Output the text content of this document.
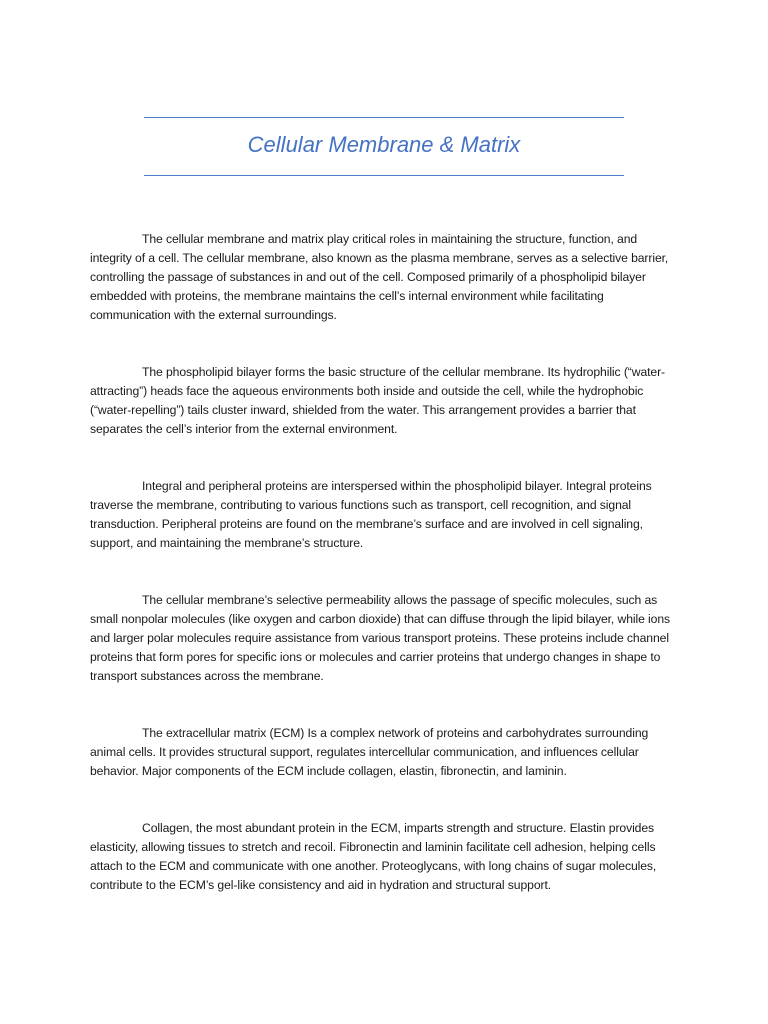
Cellular Membrane & Matrix

The cellular membrane and matrix play critical roles in maintaining the structure, function, and integrity of a cell. The cellular membrane, also known as the plasma membrane, serves as a selective barrier, controlling the passage of substances in and out of the cell. Composed primarily of a phospholipid bilayer embedded with proteins, the membrane maintains the cell’s internal environment while facilitating communication with the external surroundings.

The phospholipid bilayer forms the basic structure of the cellular membrane. Its hydrophilic (“water-attracting”) heads face the aqueous environments both inside and outside the cell, while the hydrophobic (“water-repelling”) tails cluster inward, shielded from the water. This arrangement provides a barrier that separates the cell’s interior from the external environment.

Integral and peripheral proteins are interspersed within the phospholipid bilayer. Integral proteins traverse the membrane, contributing to various functions such as transport, cell recognition, and signal transduction. Peripheral proteins are found on the membrane’s surface and are involved in cell signaling, support, and maintaining the membrane’s structure.

The cellular membrane’s selective permeability allows the passage of specific molecules, such as small nonpolar molecules (like oxygen and carbon dioxide) that can diffuse through the lipid bilayer, while ions and larger polar molecules require assistance from various transport proteins. These proteins include channel proteins that form pores for specific ions or molecules and carrier proteins that undergo changes in shape to transport substances across the membrane.

The extracellular matrix (ECM) Is a complex network of proteins and carbohydrates surrounding animal cells. It provides structural support, regulates intercellular communication, and influences cellular behavior. Major components of the ECM include collagen, elastin, fibronectin, and laminin.

Collagen, the most abundant protein in the ECM, imparts strength and structure. Elastin provides elasticity, allowing tissues to stretch and recoil. Fibronectin and laminin facilitate cell adhesion, helping cells attach to the ECM and communicate with one another. Proteoglycans, with long chains of sugar molecules, contribute to the ECM’s gel-like consistency and aid in hydration and structural support.
